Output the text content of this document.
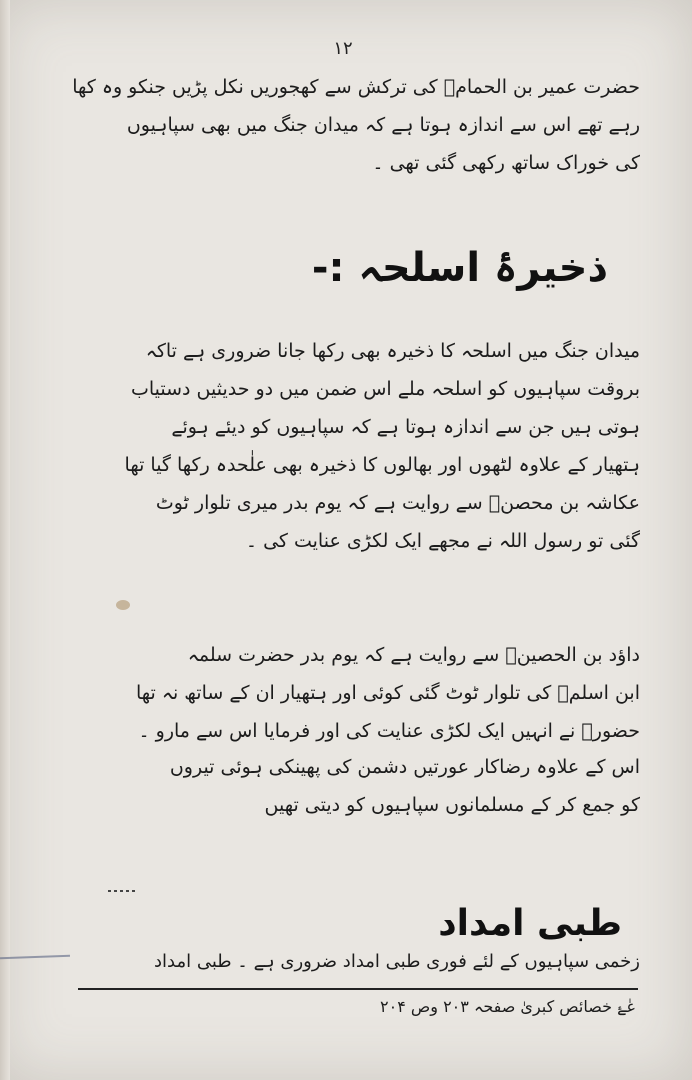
۱۲
حضرت عمیر بن الحمامؓ کی ترکش سے کھجوریں نکل پڑیں جنکو وہ کھا
رہے تھے اس سے اندازہ ہوتا ہے کہ میدان جنگ میں بھی سپاہیوں
کی خوراک ساتھ رکھی گئی تھی ۔
ذخیرۂ اسلحہ :-
میدان جنگ میں اسلحہ کا ذخیرہ بھی رکھا جانا ضروری ہے تاکہ
بروقت سپاہیوں کو اسلحہ ملے اس ضمن میں دو حدیثیں دستیاب
ہوتی ہیں جن سے اندازہ ہوتا ہے کہ سپاہیوں کو دیئے ہوئے
ہتھیار کے علاوہ لٹھوں اور بھالوں کا ذخیرہ بھی علٰحدہ رکھا گیا تھا
عکاشہ بن محصنؓ سے روایت ہے کہ یوم بدر میری تلوار ٹوٹ
گئی تو رسول اللہ نے مجھے ایک لکڑی عنایت کی ۔
داؤد بن الحصینؓ سے روایت ہے کہ یوم بدر حضرت سلمہ
ابن اسلمؓ کی تلوار ٹوٹ گئی کوئی اور ہتھیار ان کے ساتھ نہ تھا
حضورؐ نے انہیں ایک لکڑی عنایت کی اور فرمایا اس سے مارو ۔
اس کے علاوہ رضاکار عورتیں دشمن کی پھینکی ہوئی تیروں
کو جمع کر کے مسلمانوں سپاہیوں کو دیتی تھیں
طبی امداد
زخمی سپاہیوں کے لئے فوری طبی امداد ضروری ہے ۔ طبی امداد
عٰۓ خصائص کبریٰ صفحہ ۲۰۳ وص ۲۰۴
